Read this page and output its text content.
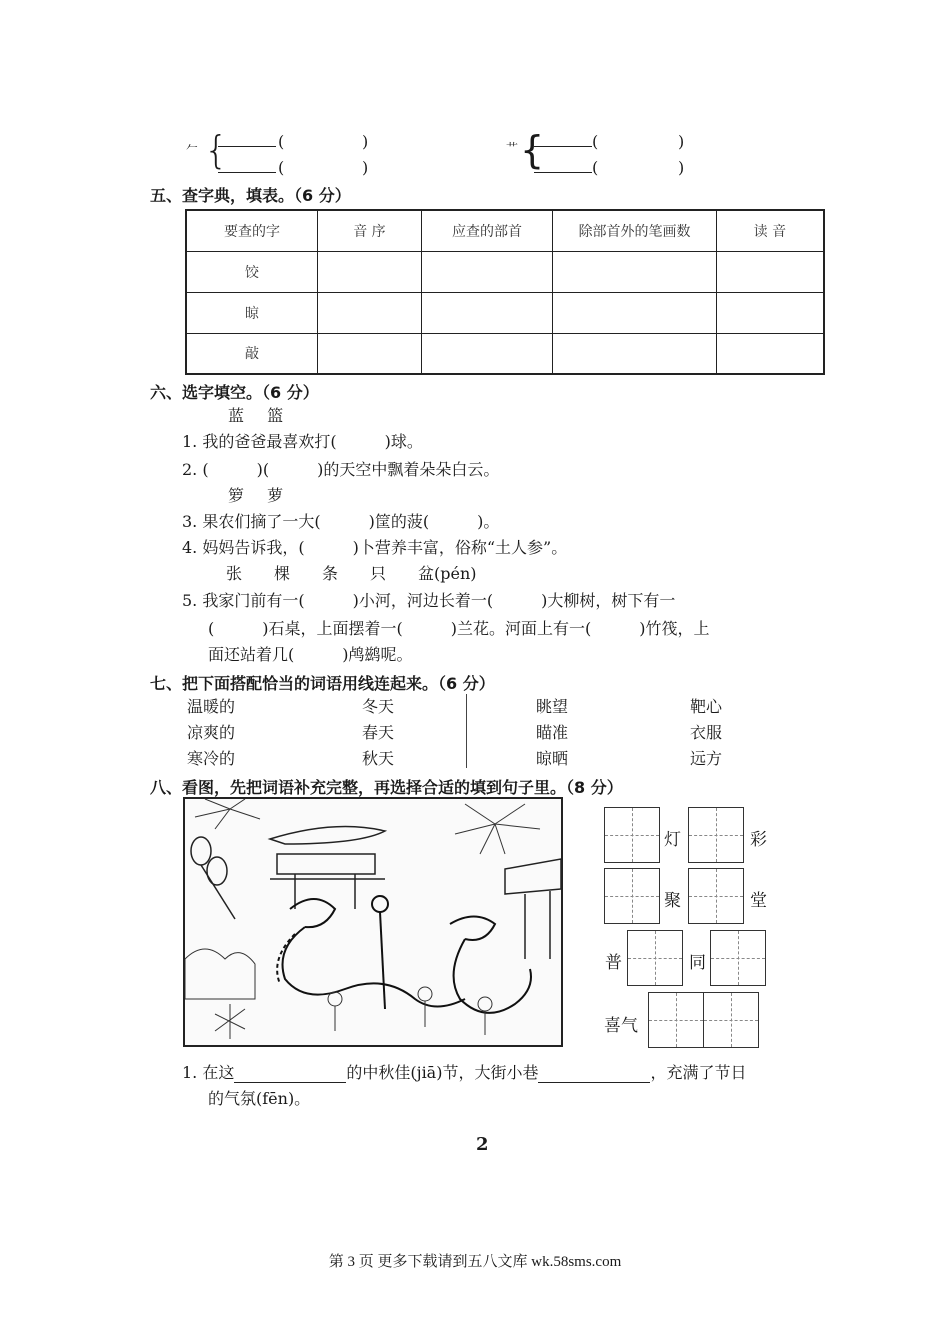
𠂉 {	(	)
(	)
艹 {	(	)
(	)
五、查字典，填表。（6 分）
要查的字	音 序	应查的部首	除部首外的笔画数	读 音
饺				
晾				
敲				
六、选字填空。（6 分）
蓝 篮
1. 我的爸爸最喜欢打(　　　)球。
2. (　　　)(　　　)的天空中飘着朵朵白云。
箩 萝
3. 果农们摘了一大(　　　)筐的菠(　　　)。
4. 妈妈告诉我，(　　　)卜营养丰富，俗称“土人参”。
张　　棵　　条　　只　　盆(pén)
5. 我家门前有一(　　　)小河，河边长着一(　　　)大柳树，树下有一
(　　　)石桌，上面摆着一(　　　)兰花。河面上有一(　　　)竹筏，上
面还站着几(　　　)鸬鹚呢。
七、把下面搭配恰当的词语用线连起来。（6 分）
温暖的
凉爽的
寒冷的
冬天
春天
秋天
眺望
瞄准
晾晒
靶心
衣服
远方
八、看图，先把词语补充完整，再选择合适的填到句子里。（8 分）
灯	彩
聚	堂
普	同
喜气
1. 在这	的中秋佳(jiā)节，大街小巷	，充满了节日
的气氛(fēn)。
2
第 3 页 更多下载请到五八文库 wk.58sms.com
